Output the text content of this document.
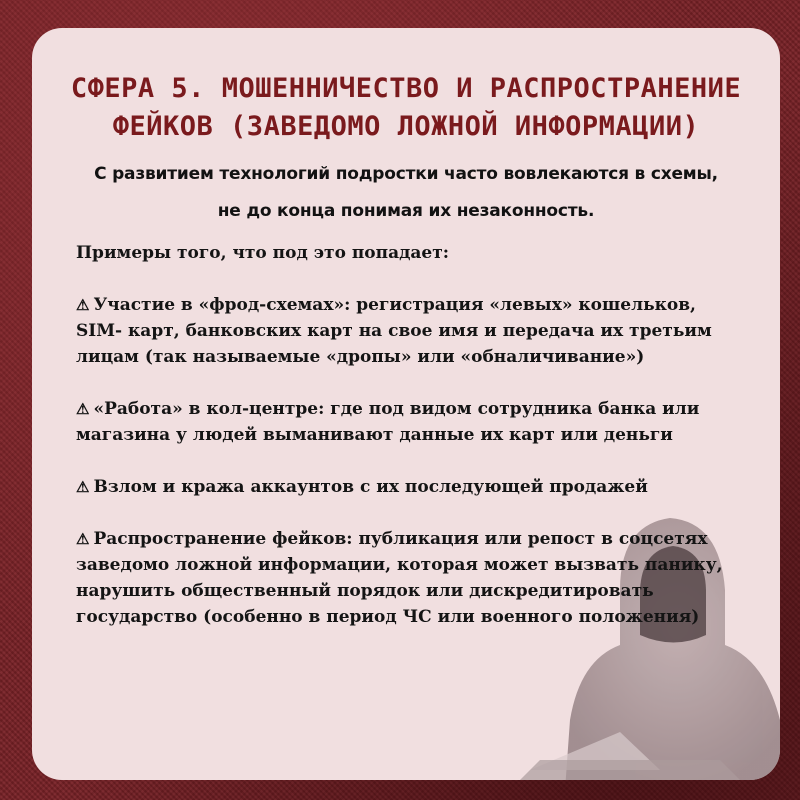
СФЕРА 5. МОШЕННИЧЕСТВО И РАСПРОСТРАНЕНИЕ
ФЕЙКОВ (ЗАВЕДОМО ЛОЖНОЙ ИНФОРМАЦИИ)
С развитием технологий подростки часто вовлекаются в схемы,
не до конца понимая их незаконность.

Примеры того, что под это попадает:

⚠ Участие в «фрод-схемах»: регистрация «левых» кошельков, SIM- карт, банковских карт на свое имя и передача их третьим лицам (так называемые «дропы» или «обналичивание»)

⚠ «Работа» в кол-центре: где под видом сотрудника банка или магазина у людей выманивают данные их карт или деньги

⚠ Взлом и кража аккаунтов с их последующей продажей

⚠ Распространение фейков: публикация или репост в соцсетях заведомо ложной информации, которая может вызвать панику, нарушить общественный порядок или дискредитировать государство (особенно в период ЧС или военного положения)
